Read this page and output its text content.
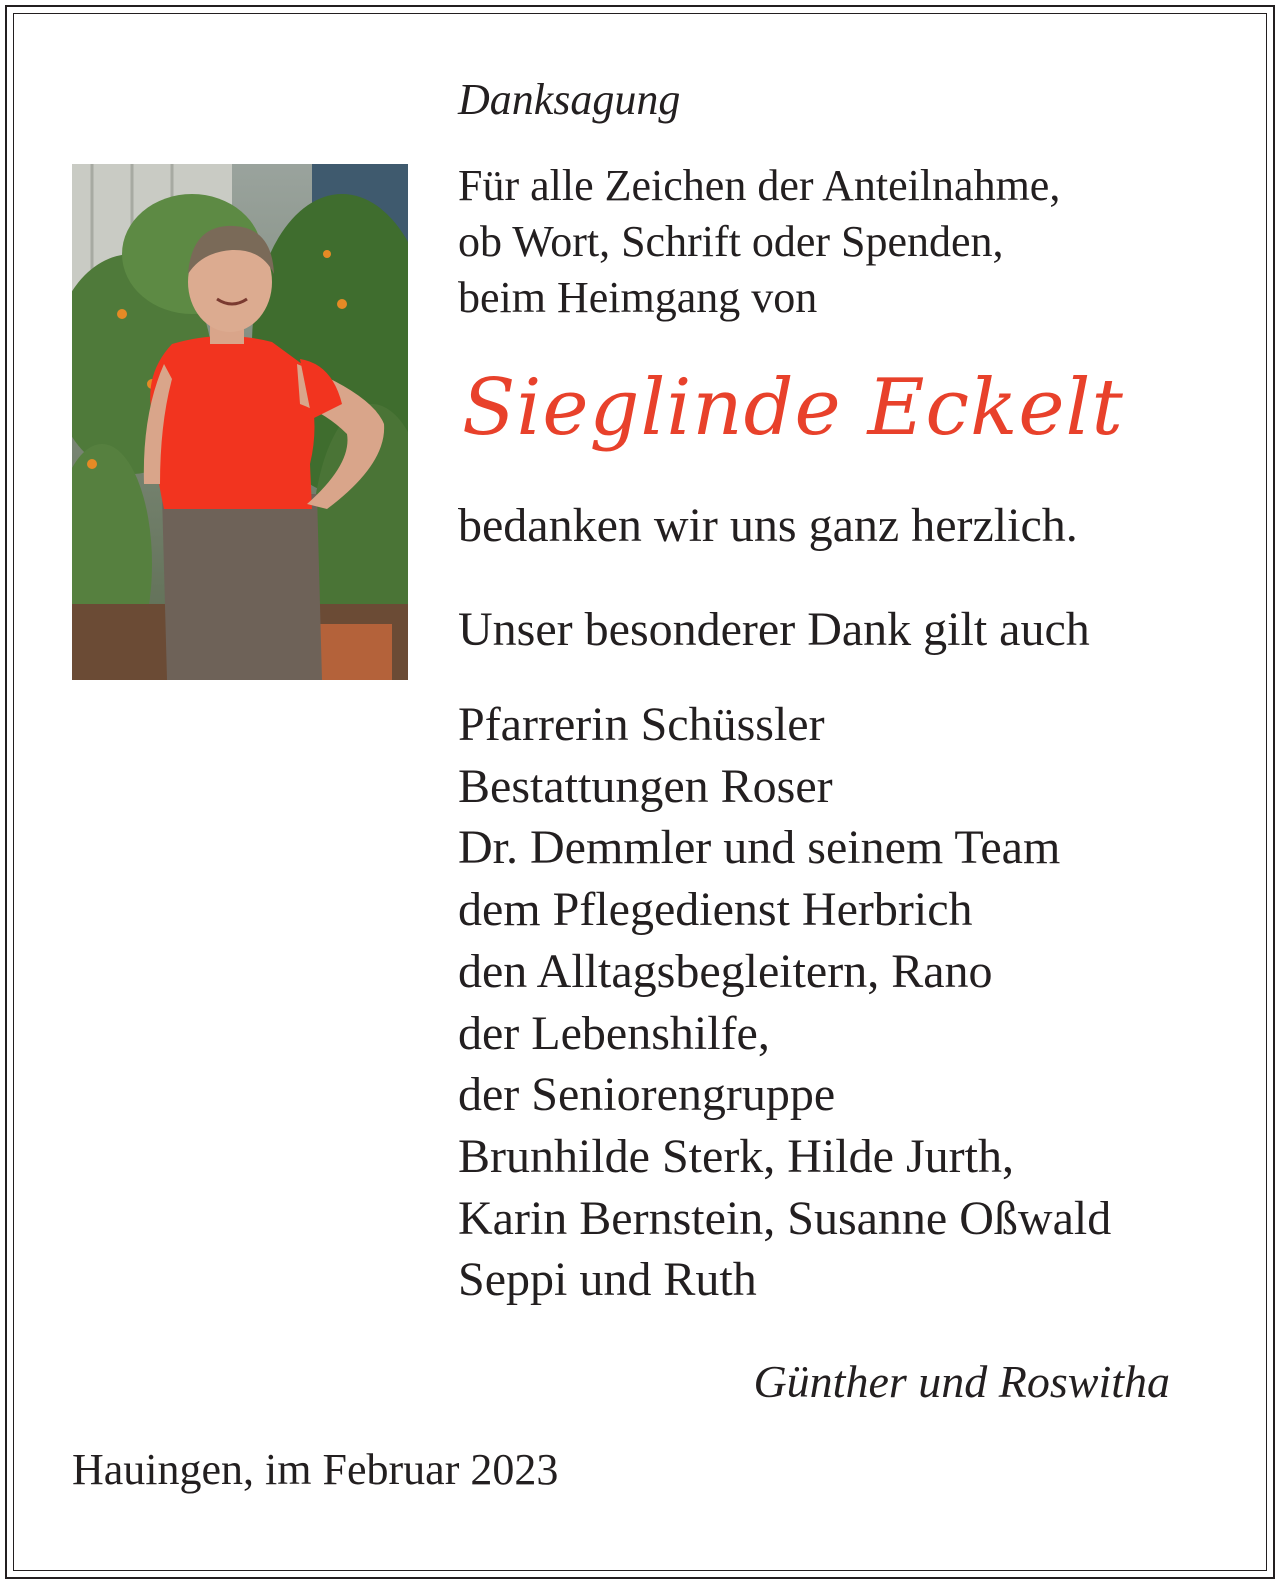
Danksagung
Für alle Zeichen der Anteilnahme,
ob Wort, Schrift oder Spenden,
beim Heimgang von
Sieglinde Eckelt
bedanken wir uns ganz herzlich.
Unser besonderer Dank gilt auch
Pfarrerin Schüssler
Bestattungen Roser
Dr. Demmler und seinem Team
dem Pflegedienst Herbrich
den Alltagsbegleitern, Rano
der Lebenshilfe,
der Seniorengruppe
Brunhilde Sterk, Hilde Jurth,
Karin Bernstein, Susanne Oßwald
Seppi und Ruth
Günther und Roswitha
Hauingen, im Februar 2023
